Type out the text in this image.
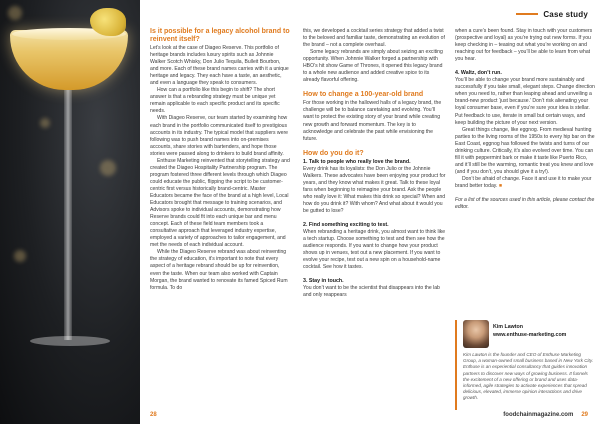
Case study
Is it possible for a legacy alcohol brand to reinvent itself?

Let’s look at the case of Diageo Reserve. This portfolio of heritage brands includes luxury spirits such as Johnnie Walker Scotch Whisky, Don Julio Tequila, Bulleit Bourbon, and more. Each of these brand names carries with it a unique heritage and legacy. They each have a taste, an aesthetic, and even a language they speak to consumers.

How can a portfolio like this begin to shift? The short answer is that a rebranding strategy must be unique yet remain applicable to each specific product and its specific needs.

With Diageo Reserve, our team started by examining how each brand in the portfolio communicated itself to prestigious accounts in its industry. The typical model that suppliers were following was to push brand names into on-premises accounts, share stories with bartenders, and hope those stories were passed along to drinkers to build brand affinity.

Enthuse Marketing reinvented that storytelling strategy and created the Diageo Hospitality Partnership program. The program fostered three different levels through which Diageo could educate the public, flipping the script to be customer-centric first versus historically brand-centric. Master Educators became the face of the brand at a high level, Local Educators brought that message to training scenarios, and Advisors spoke to individual accounts, demonstrating how Reserve brands could fit into each unique bar and menu concept. Each of these field team members took a consultative approach that leveraged industry expertise, employed a variety of approaches to tailor engagement, and met the needs of each individual account.

While the Diageo Reserve rebrand was about reinventing the strategy of education, it’s important to note that every aspect of a heritage rebrand should be up for reinvention, even the taste. When our team also worked with Captain Morgan, the brand wanted to renovate its famed Spiced Rum formula. To do

this, we developed a cocktail series strategy that added a twist to the beloved and familiar taste, demonstrating an evolution of the brand – not a complete overhaul.

Some legacy rebrands are simply about seizing an exciting opportunity. When Johnnie Walker forged a partnership with HBO’s hit show Game of Thrones, it opened this legacy brand to a whole new audience and added creative spice to its already flavorful offering.

How to change a 100-year-old brand

For those working in the hallowed halls of a legacy brand, the challenge will be to balance caretaking and evolving. You’ll want to protect the existing story of your brand while creating new growth and forward momentum. The key is to acknowledge and celebrate the past while envisioning the future.

How do you do it?
1. Talk to people who really love the brand.

Every drink has its loyalists: the Don Julio or the Johnnie Walkers. These advocates have been enjoying your product for years, and they know what makes it great. Talk to these loyal fans when beginning to reimagine your brand. Ask the people who really love it: What makes this drink so special? When and how do you drink it? With whom? And what about it would you be gutted to lose?

2. Find something exciting to test.

When rebranding a heritage drink, you almost want to think like a tech startup. Choose something to test and then see how the audience responds. If you want to change how your product shows up in venues, test out a new placement. If you want to evolve your recipe, test out a new spin on a household-name cocktail. See how it tastes.

3. Stay in touch.

You don’t want to be the scientist that disappears into the lab and only reappears

when a cure’s been found. Stay in touch with your customers (prospective and loyal) as you’re trying out new forms. If you keep checking in – teasing out what you’re working on and reaching out for feedback – you’ll be able to learn from what you hear.

4. Waltz, don’t run.

You’ll be able to change your brand more sustainably and successfully if you take small, elegant steps. Change direction when you need to, rather than leaping ahead and unveiling a brand-new product ‘just because.’ Don’t risk alienating your loyal consumer base, even if you’re sure your idea is stellar. Put feedback to use, iterate in small but certain ways, and keep building the picture of your next version.

Great things change, like eggnog. From medieval hunting parties to the living rooms of the 1950s to every hip bar on the East Coast, eggnog has followed the twists and turns of our drinking culture. Critically, it’s also evolved over time. You can fill it with peppermint bark or make it taste like Puerto Rico, and it’ll still be the warming, romantic treat you knew and love (and if you don’t, you should give it a try!).

Don’t be afraid of change. Face it and use it to make your brand better today. ■

For a list of the sources used in this article, please contact the editor.

Kim Lawton
www.enthuse-marketing.com
Kim Lawton is the founder and CEO of Enthuse Marketing Group, a woman-owned small business based in New York City. Enthuse is an experiential consultancy that guides innovation partners to discover new ways of growing business. It funnels the excitement of a new offering or brand and uses data-informed, agile strategies to activate experiences that spread delicious, elevated, immerse opinion interactions and drive growth.
28	foodchainmagazine.com 29
